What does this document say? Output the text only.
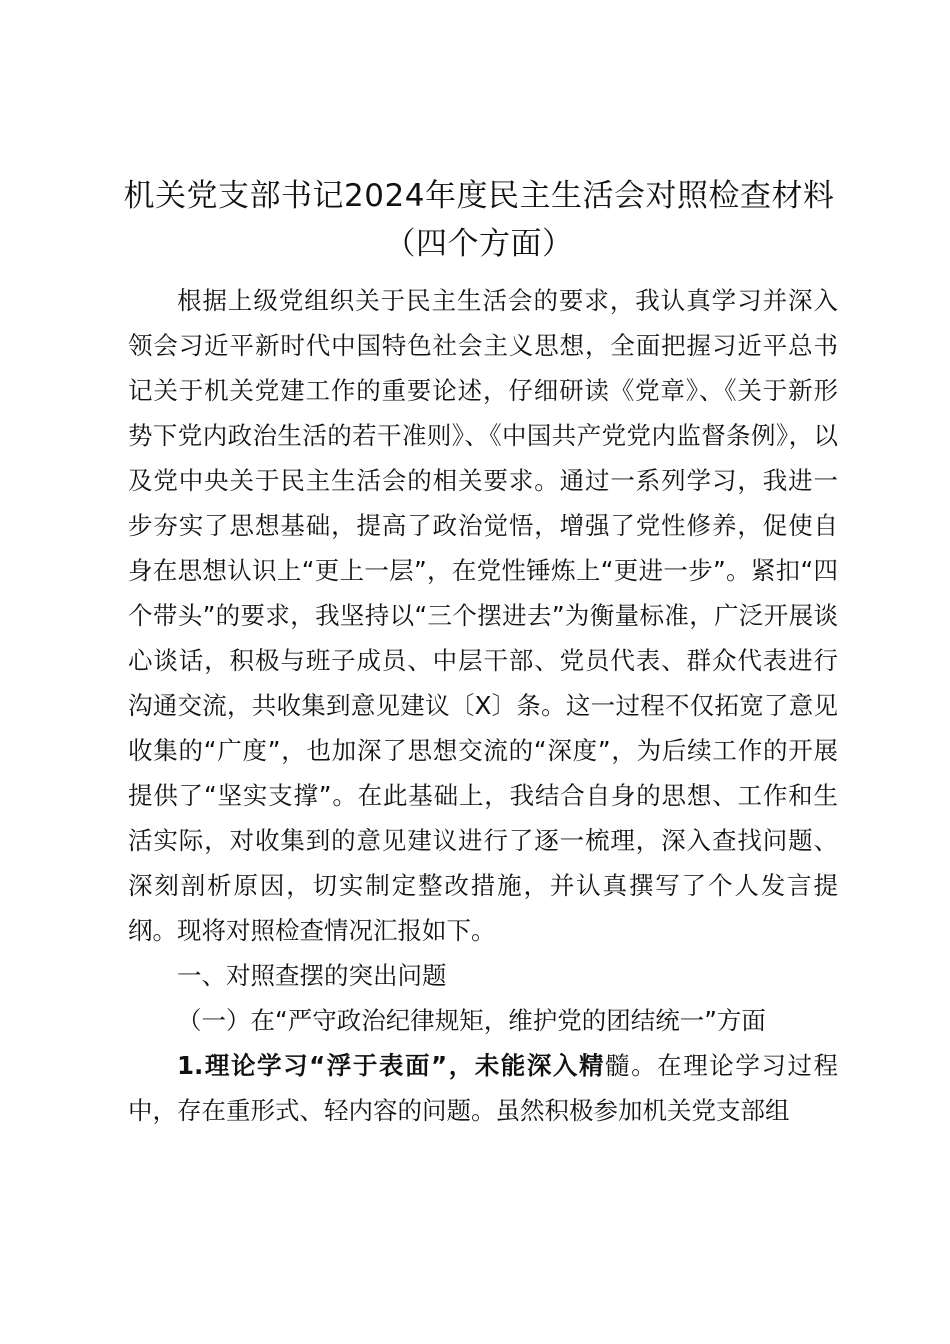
机关党支部书记2024年度民主生活会对照检查材料（四个方面）

根据上级党组织关于民主生活会的要求，我认真学习并深入领会习近平新时代中国特色社会主义思想，全面把握习近平总书记关于机关党建工作的重要论述，仔细研读《党章》、《关于新形势下党内政治生活的若干准则》、《中国共产党党内监督条例》，以及党中央关于民主生活会的相关要求。通过一系列学习，我进一步夯实了思想基础，提高了政治觉悟，增强了党性修养，促使自身在思想认识上“更上一层”，在党性锤炼上“更进一步”。紧扣“四个带头”的要求，我坚持以“三个摆进去”为衡量标准，广泛开展谈心谈话，积极与班子成员、中层干部、党员代表、群众代表进行沟通交流，共收集到意见建议〔X〕条。这一过程不仅拓宽了意见收集的“广度”，也加深了思想交流的“深度”，为后续工作的开展提供了“坚实支撑”。在此基础上，我结合自身的思想、工作和生活实际，对收集到的意见建议进行了逐一梳理，深入查找问题、深刻剖析原因，切实制定整改措施，并认真撰写了个人发言提纲。现将对照检查情况汇报如下。

一、对照查摆的突出问题

（一）在“严守政治纪律规矩，维护党的团结统一”方面

1.理论学习“浮于表面”，未能深入精髓。在理论学习过程中，存在重形式、轻内容的问题。虽然积极参加机关党支部组
